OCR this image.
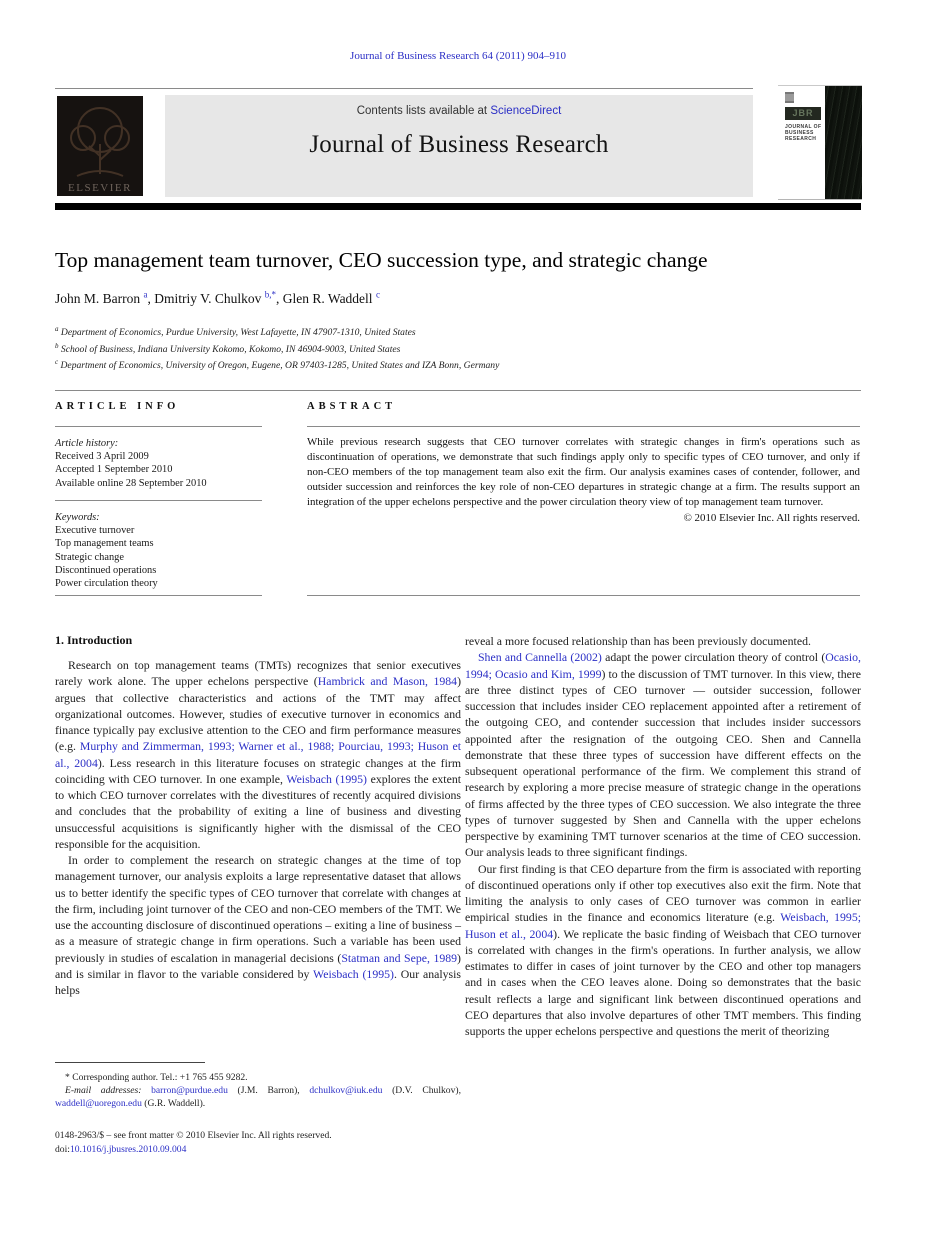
Journal of Business Research 64 (2011) 904–910
ELSEVIER
Contents lists available at ScienceDirect
Journal of Business Research
JBR
JOURNAL OF
BUSINESS
RESEARCH
Top management team turnover, CEO succession type, and strategic change
John M. Barron $^a$, Dmitriy V. Chulkov $^{b,*}$, Glen R. Waddell $^c$
$^a$ Department of Economics, Purdue University, West Lafayette, IN 47907-1310, United States
$^b$ School of Business, Indiana University Kokomo, Kokomo, IN 46904-9003, United States
$^c$ Department of Economics, University of Oregon, Eugene, OR 97403-1285, United States and IZA Bonn, Germany
ARTICLE INFO	ABSTRACT
Article history:
Received 3 April 2009
Accepted 1 September 2010
Available online 28 September 2010
Keywords:
Executive turnover
Top management teams
Strategic change
Discontinued operations
Power circulation theory
While previous research suggests that CEO turnover correlates with strategic changes in firm's operations such as discontinuation of operations, we demonstrate that such findings apply only to specific types of CEO turnover, and only if non-CEO members of the top management team also exit the firm. Our analysis examines cases of contender, follower, and outsider succession and reinforces the key role of non-CEO departures in strategic change at a firm. The results support an integration of the upper echelons perspective and the power circulation theory view of top management team turnover.
© 2010 Elsevier Inc. All rights reserved.
1. Introduction

Research on top management teams (TMTs) recognizes that senior executives rarely work alone. The upper echelons perspective (Hambrick and Mason, 1984) argues that collective characteristics and actions of the TMT may affect organizational outcomes. However, studies of executive turnover in economics and finance typically pay exclusive attention to the CEO and firm performance measures (e.g. Murphy and Zimmerman, 1993; Warner et al., 1988; Pourciau, 1993; Huson et al., 2004). Less research in this literature focuses on strategic changes at the firm coinciding with CEO turnover. In one example, Weisbach (1995) explores the extent to which CEO turnover correlates with the divestitures of recently acquired divisions and concludes that the probability of exiting a line of business and divesting unsuccessful acquisitions is significantly higher with the dismissal of the CEO responsible for the acquisition.

In order to complement the research on strategic changes at the time of top management turnover, our analysis exploits a large representative dataset that allows us to better identify the specific types of CEO turnover that correlate with changes at the firm, including joint turnover of the CEO and non-CEO members of the TMT. We use the accounting disclosure of discontinued operations – exiting a line of business – as a measure of strategic change in firm operations. Such a variable has been used previously in studies of escalation in managerial decisions (Statman and Sepe, 1989) and is similar in flavor to the variable considered by Weisbach (1995). Our analysis helps

reveal a more focused relationship than has been previously documented.

Shen and Cannella (2002) adapt the power circulation theory of control (Ocasio, 1994; Ocasio and Kim, 1999) to the discussion of TMT turnover. In this view, there are three distinct types of CEO turnover — outsider succession, follower succession that includes insider CEO replacement appointed after a retirement of the outgoing CEO, and contender succession that includes insider successors appointed after the resignation of the outgoing CEO. Shen and Cannella demonstrate that these three types of succession have different effects on the subsequent operational performance of the firm. We complement this strand of research by exploring a more precise measure of strategic change in the operations of firms affected by the three types of CEO succession. We also integrate the three types of turnover suggested by Shen and Cannella with the upper echelons perspective by examining TMT turnover scenarios at the time of CEO succession. Our analysis leads to three significant findings.

Our first finding is that CEO departure from the firm is associated with reporting of discontinued operations only if other top executives also exit the firm. Note that limiting the analysis to only cases of CEO turnover was common in earlier empirical studies in the finance and economics literature (e.g. Weisbach, 1995; Huson et al., 2004). We replicate the basic finding of Weisbach that CEO turnover is correlated with changes in the firm's operations. In further analysis, we allow estimates to differ in cases of joint turnover by the CEO and other top managers and in cases when the CEO leaves alone. Doing so demonstrates that the basic result reflects a large and significant link between discontinued operations and CEO departures that also involve departures of other TMT members. This finding supports the upper echelons perspective and questions the merit of theorizing

* Corresponding author. Tel.: +1 765 455 9282.

E-mail addresses: barron@purdue.edu (J.M. Barron), dchulkov@iuk.edu (D.V. Chulkov), waddell@uoregon.edu (G.R. Waddell).

0148-2963/$ – see front matter © 2010 Elsevier Inc. All rights reserved.
doi:10.1016/j.jbusres.2010.09.004
